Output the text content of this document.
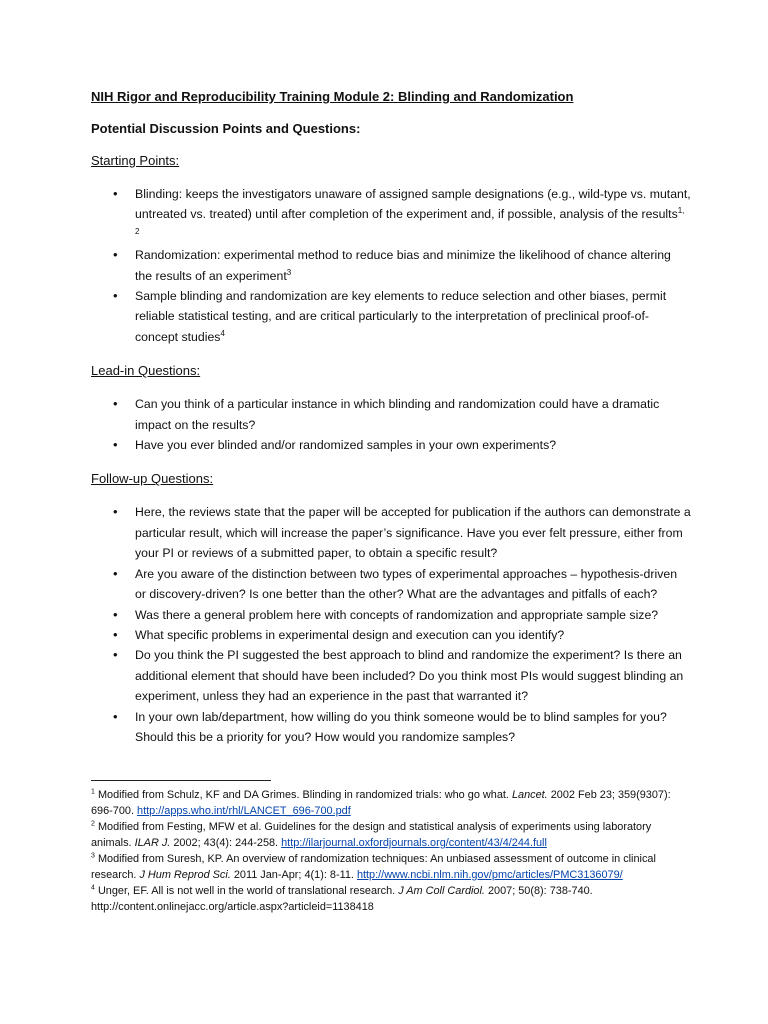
NIH Rigor and Reproducibility Training Module 2: Blinding and Randomization
Potential Discussion Points and Questions:
Starting Points:
• Blinding: keeps the investigators unaware of assigned sample designations (e.g., wild-type vs. mutant, untreated vs. treated) until after completion of the experiment and, if possible, analysis of the results$^{1, 2}$
• Randomization: experimental method to reduce bias and minimize the likelihood of chance altering the results of an experiment$^3$
• Sample blinding and randomization are key elements to reduce selection and other biases, permit reliable statistical testing, and are critical particularly to the interpretation of preclinical proof-of-concept studies$^4$
Lead-in Questions:
• Can you think of a particular instance in which blinding and randomization could have a dramatic impact on the results?
• Have you ever blinded and/or randomized samples in your own experiments?
Follow-up Questions:
• Here, the reviews state that the paper will be accepted for publication if the authors can demonstrate a particular result, which will increase the paper’s significance. Have you ever felt pressure, either from your PI or reviews of a submitted paper, to obtain a specific result?
• Are you aware of the distinction between two types of experimental approaches – hypothesis-driven or discovery-driven? Is one better than the other? What are the advantages and pitfalls of each?
• Was there a general problem here with concepts of randomization and appropriate sample size?
• What specific problems in experimental design and execution can you identify?
• Do you think the PI suggested the best approach to blind and randomize the experiment? Is there an additional element that should have been included? Do you think most PIs would suggest blinding an experiment, unless they had an experience in the past that warranted it?
• In your own lab/department, how willing do you think someone would be to blind samples for you? Should this be a priority for you? How would you randomize samples?

$^1$ Modified from Schulz, KF and DA Grimes. Blinding in randomized trials: who go what. Lancet. 2002 Feb 23; 359(9307): 696-700. http://apps.who.int/rhl/LANCET_696-700.pdf

$^2$ Modified from Festing, MFW et al. Guidelines for the design and statistical analysis of experiments using laboratory animals. ILAR J. 2002; 43(4): 244-258. http://ilarjournal.oxfordjournals.org/content/43/4/244.full

$^3$ Modified from Suresh, KP. An overview of randomization techniques: An unbiased assessment of outcome in clinical research. J Hum Reprod Sci. 2011 Jan-Apr; 4(1): 8-11. http://www.ncbi.nlm.nih.gov/pmc/articles/PMC3136079/

$^4$ Unger, EF. All is not well in the world of translational research. J Am Coll Cardiol. 2007; 50(8): 738-740. http://content.onlinejacc.org/article.aspx?articleid=1138418
